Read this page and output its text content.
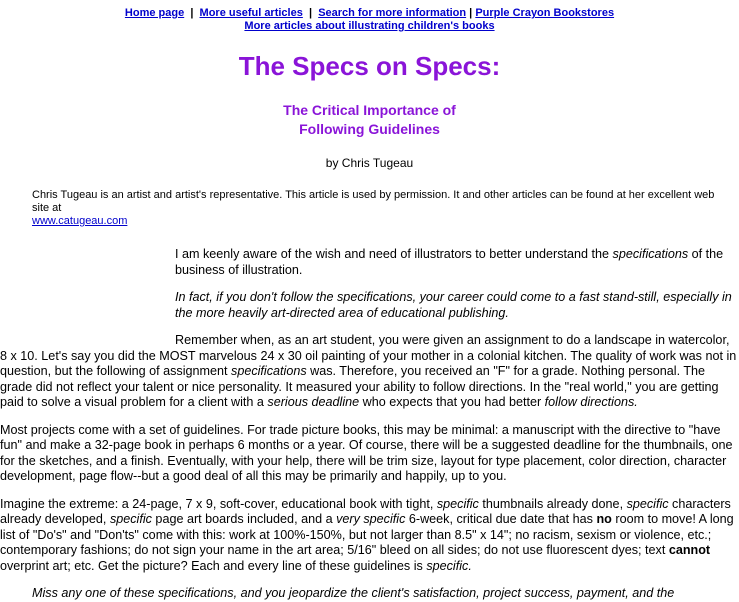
Home page  |  More useful articles  |  Search for more information | Purple Crayon Bookstores
More articles about illustrating children's books
The Specs on Specs:
The Critical Importance of
Following Guidelines
by Chris Tugeau
Chris Tugeau is an artist and artist's representative. This article is used by permission. It and other articles can be found at her excellent web site at
www.catugeau.com

I am keenly aware of the wish and need of illustrators to better understand the specifications of the business of illustration.

In fact, if you don't follow the specifications, your career could come to a fast stand-still, especially in the more heavily art-directed area of educational publishing.

Remember when, as an art student, you were given an assignment to do a landscape in watercolor, 8 x 10. Let's say you did the MOST marvelous 24 x 30 oil painting of your mother in a colonial kitchen. The quality of work was not in question, but the following of assignment specifications was. Therefore, you received an "F" for a grade. Nothing personal. The grade did not reflect your talent or nice personality. It measured your ability to follow directions. In the "real world," you are getting paid to solve a visual problem for a client with a serious deadline who expects that you had better follow directions.

Most projects come with a set of guidelines. For trade picture books, this may be minimal: a manuscript with the directive to "have fun" and make a 32-page book in perhaps 6 months or a year. Of course, there will be a suggested deadline for the thumbnails, one for the sketches, and a finish. Eventually, with your help, there will be trim size, layout for type placement, color direction, character development, page flow--but a good deal of all this may be primarily and happily, up to you.

Imagine the extreme: a 24-page, 7 x 9, soft-cover, educational book with tight, specific thumbnails already done, specific characters already developed, specific page art boards included, and a very specific 6-week, critical due date that has no room to move! A long list of "Do's" and "Don'ts" come with this: work at 100%-150%, but not larger than 8.5" x 14"; no racism, sexism or violence, etc.; contemporary fashions; do not sign your name in the art area; 5/16" bleed on all sides; do not use fluorescent dyes; text cannot overprint art; etc. Get the picture? Each and every line of these guidelines is specific.

Miss any one of these specifications, and you jeopardize the client's satisfaction, project success, payment, and the
